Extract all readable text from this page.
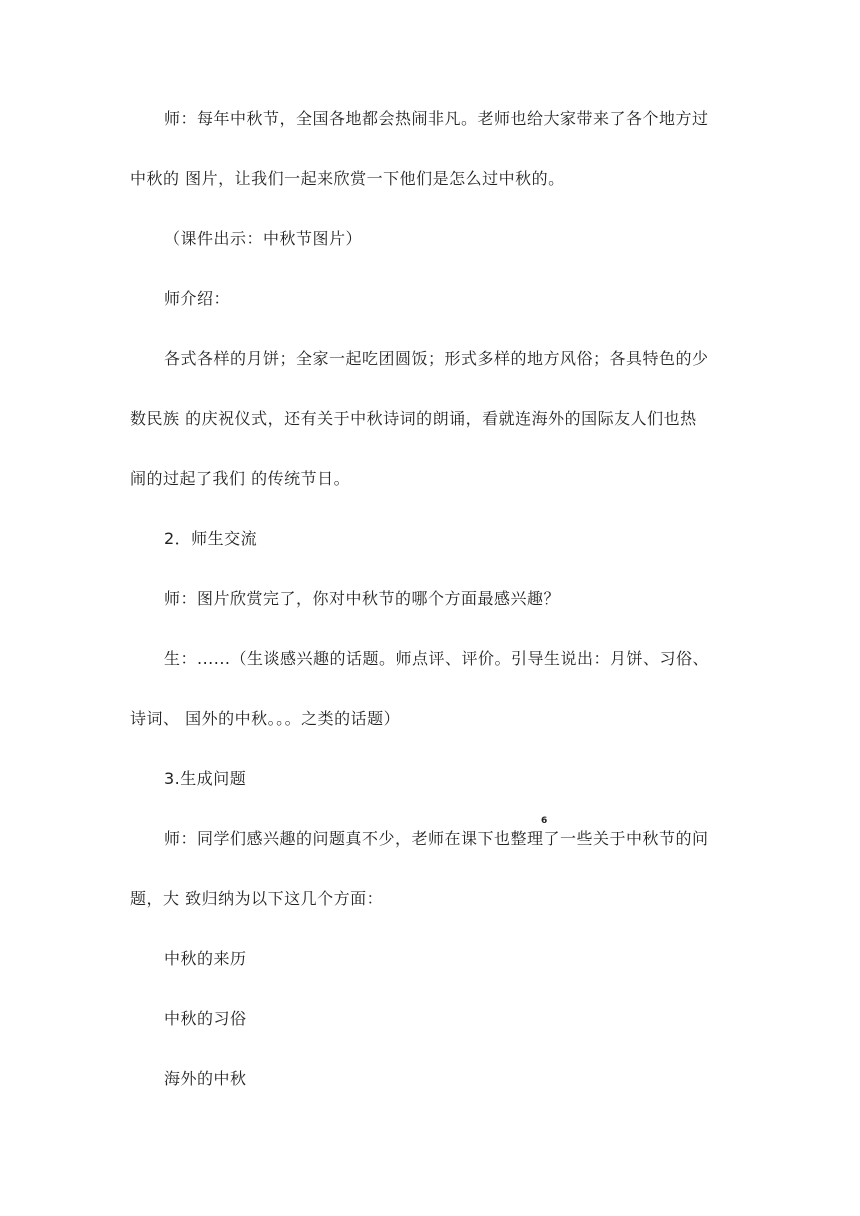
师：每年中秋节，全国各地都会热闹非凡。老师也给大家带来了各个地方过
中秋的 图片，让我们一起来欣赏一下他们是怎么过中秋的。
（课件出示：中秋节图片）
师介绍：
各式各样的月饼；全家一起吃团圆饭；形式多样的地方风俗；各具特色的少
数民族 的庆祝仪式，还有关于中秋诗词的朗诵，看就连海外的国际友人们也热
闹的过起了我们 的传统节日。
2．师生交流
师：图片欣赏完了，你对中秋节的哪个方面最感兴趣？
生：......（生谈感兴趣的话题。师点评、评价。引导生说出：月饼、习俗、
诗词、 国外的中秋。。。之类的话题）
3.生成问题
6
师：同学们感兴趣的问题真不少，老师在课下也整理了一些关于中秋节的问
题，大 致归纳为以下这几个方面：
中秋的来历
中秋的习俗
海外的中秋
